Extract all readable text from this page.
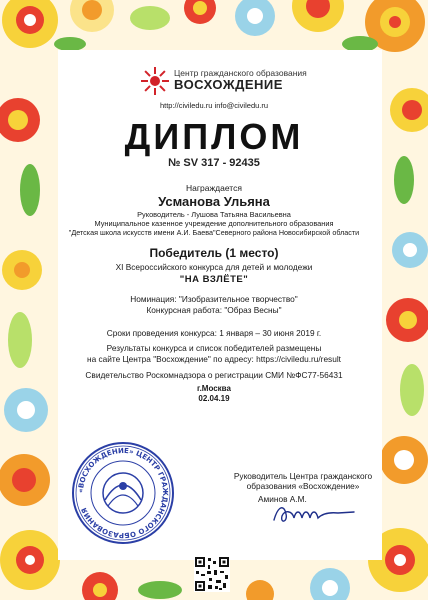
Центр гражданского образования
ВОСХОЖДЕНИЕ
http://civiledu.ru info@civiledu.ru
ДИПЛОМ
№ SV 317 - 92435
Награждается
Усманова Ульяна
Руководитель - Лушова Татьяна Васильевна
Муниципальное казенное учреждение дополнительного образования
"Детская школа искусств имени А.И. Баева"Северного района Новосибирской области
Победитель (1 место)
XI Всероссийского конкурса для детей и молодежи
"НА ВЗЛЁТЕ"
Номинация: "Изобразительное творчество"
Конкурсная работа: "Образ Весны"
Сроки проведения конкурса: 1 января – 30 июня 2019 г.
Результаты конкурса и список победителей размещены
на сайте Центра "Восхождение" по адресу: https://civiledu.ru/result
Свидетельство Роскомнадзора о регистрации СМИ №ФС77-56431
г.Москва
02.04.19
«ВОСХОЖДЕНИЕ» ЦЕНТР ГРАЖДАНСКОГО ОБРАЗОВАНИЯ
Руководитель Центра гражданского
образования «Восхождение»
Аминов А.М.
